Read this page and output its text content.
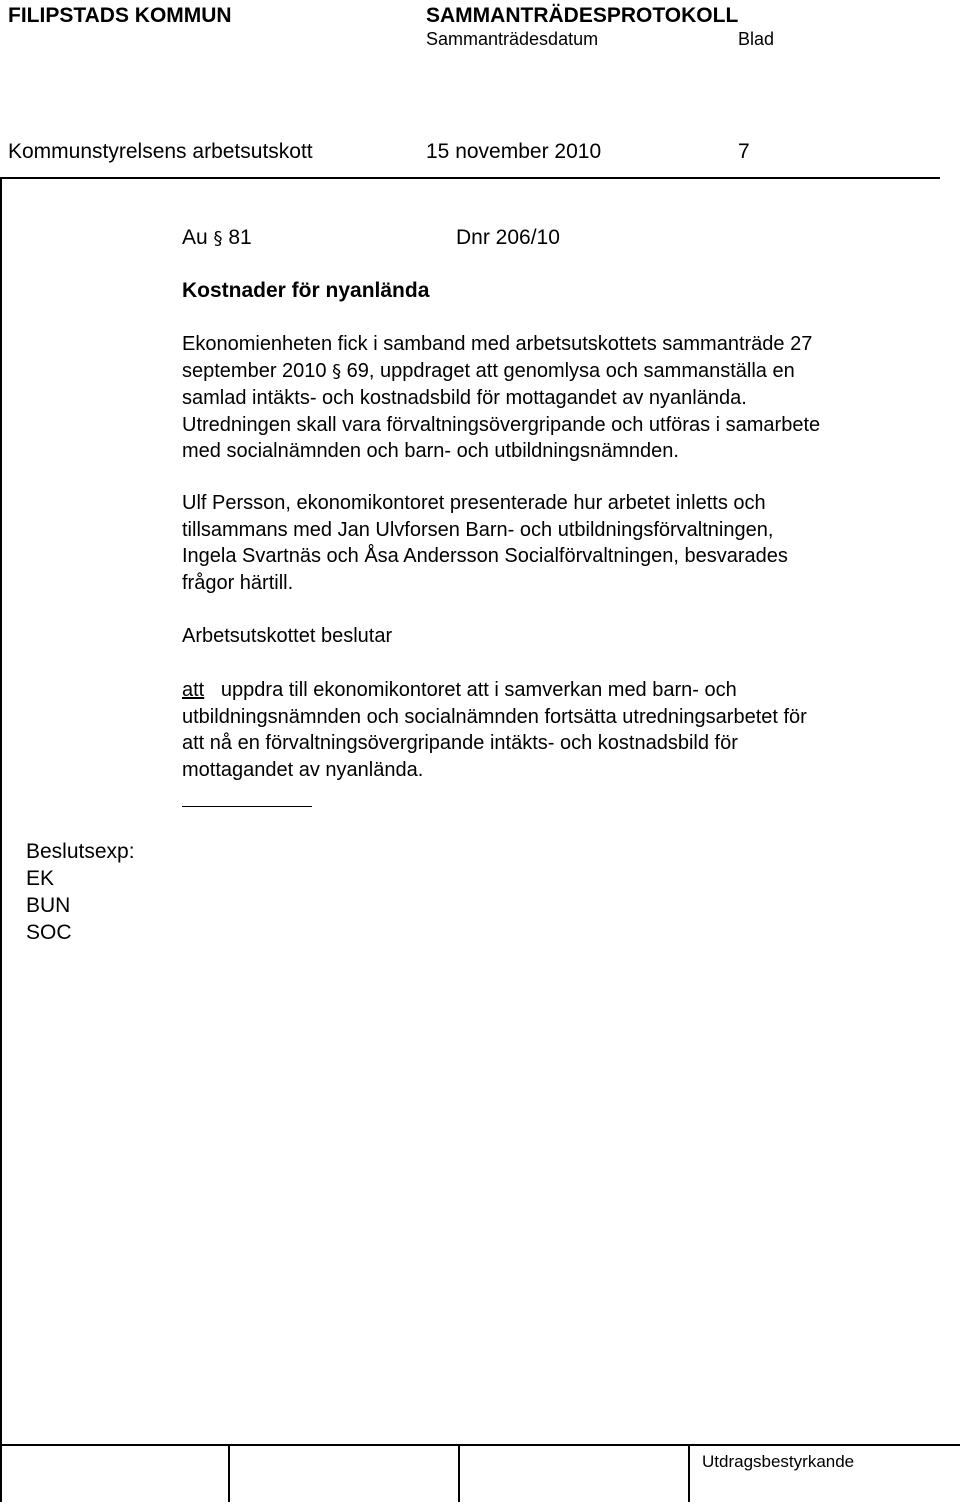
FILIPSTADS KOMMUN	SAMMANTRÄDESPROTOKOLL
Sammanträdesdatum	Blad
Kommunstyrelsens arbetsutskott	15 november 2010	7
Au § 81	Dnr 206/10
Kostnader för nyanlända
Ekonomienheten fick i samband med arbetsutskottets sammanträde 27
september 2010 § 69, uppdraget att genomlysa och sammanställa en
samlad intäkts- och kostnadsbild för mottagandet av nyanlända.
Utredningen skall vara förvaltningsövergripande och utföras i samarbete
med socialnämnden och barn- och utbildningsnämnden.
Ulf Persson, ekonomikontoret presenterade hur arbetet inletts och
tillsammans med Jan Ulvforsen Barn- och utbildningsförvaltningen,
Ingela Svartnäs och Åsa Andersson Socialförvaltningen, besvarades
frågor härtill.
Arbetsutskottet beslutar
att uppdra till ekonomikontoret att i samverkan med barn- och
utbildningsnämnden och socialnämnden fortsätta utredningsarbetet för
att nå en förvaltningsövergripande intäkts- och kostnadsbild för
mottagandet av nyanlända.
Beslutsexp:
EK
BUN
SOC
Utdragsbestyrkande
